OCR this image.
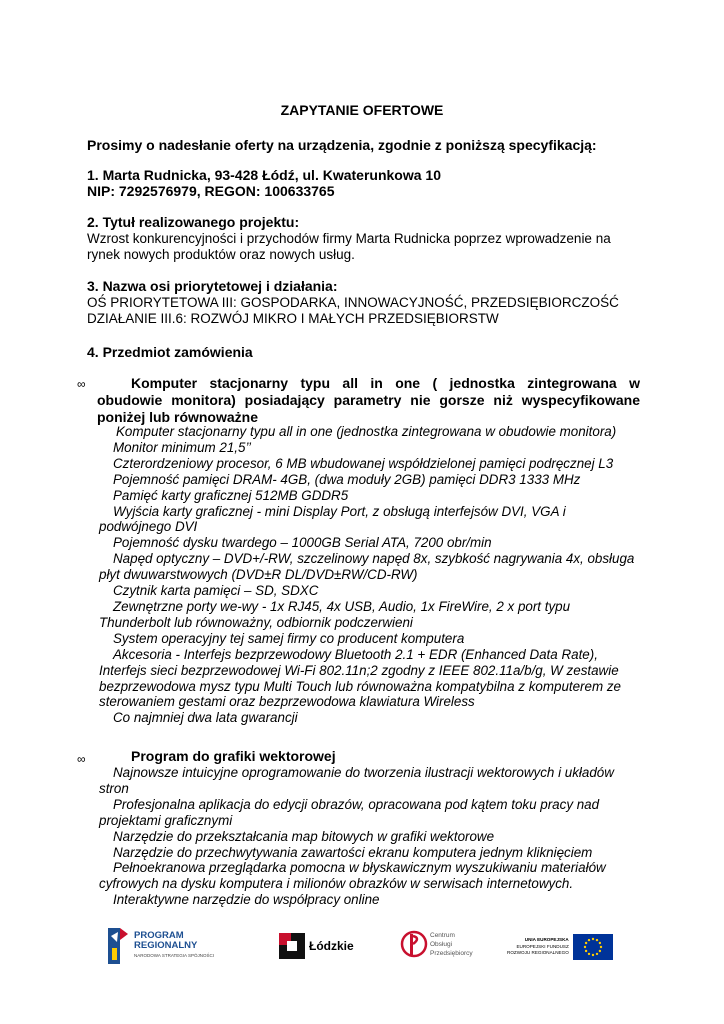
ZAPYTANIE OFERTOWE
Prosimy o nadesłanie oferty na urządzenia, zgodnie z poniższą specyfikacją:
1. Marta Rudnicka, 93-428 Łódź, ul. Kwaterunkowa 10
NIP: 7292576979, REGON: 100633765
2. Tytuł realizowanego projektu:
Wzrost konkurencyjności i przychodów firmy Marta Rudnicka poprzez wprowadzenie na
rynek nowych produktów oraz nowych usług.
3. Nazwa osi priorytetowej i działania:
OŚ PRIORYTETOWA III: GOSPODARKA, INNOWACYJNOŚĆ, PRZEDSIĘBIORCZOŚĆ
DZIAŁANIE III.6: ROZWÓJ MIKRO I MAŁYCH PRZEDSIĘBIORSTW
4. Przedmiot zamówienia
∞	Komputer stacjonarny typu all in one ( jednostka zintegrowana w
obudowie monitora) posiadający parametry nie gorsze niż wyspecyfikowane
poniżej lub równoważne

Komputer stacjonarny typu all in one (jednostka zintegrowana w obudowie monitora)

Monitor minimum 21,5’’

Czterordzeniowy procesor, 6 MB wbudowanej współdzielonej pamięci podręcznej L3

Pojemność pamięci DRAM- 4GB, (dwa moduły 2GB) pamięci DDR3 1333 MHz

Pamięć karty graficznej 512MB GDDR5

Wyjścia karty graficznej - mini Display Port, z obsługą interfejsów DVI, VGA i

podwójnego DVI

Pojemność dysku twardego – 1000GB Serial ATA, 7200 obr/min

Napęd optyczny – DVD+/-RW, szczelinowy napęd 8x, szybkość nagrywania 4x, obsługa

płyt dwuwarstwowych (DVD±R DL/DVD±RW/CD-RW)

Czytnik karta pamięci – SD, SDXC

Zewnętrzne porty we-wy - 1x RJ45, 4x USB, Audio, 1x FireWire, 2 x port typu

Thunderbolt lub równoważny, odbiornik podczerwieni

System operacyjny tej samej firmy co producent komputera

Akcesoria - Interfejs bezprzewodowy Bluetooth 2.1 + EDR (Enhanced Data Rate),

Interfejs sieci bezprzewodowej Wi-Fi 802.11n;2 zgodny z IEEE 802.11a/b/g, W zestawie

bezprzewodowa mysz typu Multi Touch lub równoważna kompatybilna z komputerem ze

sterowaniem gestami oraz bezprzewodowa klawiatura Wireless

Co najmniej dwa lata gwarancji

∞	Program do grafiki wektorowej

Najnowsze intuicyjne oprogramowanie do tworzenia ilustracji wektorowych i układów

stron

Profesjonalna aplikacja do edycji obrazów, opracowana pod kątem toku pracy nad

projektami graficznymi

Narzędzie do przekształcania map bitowych w grafiki wektorowe

Narzędzie do przechwytywania zawartości ekranu komputera jednym kliknięciem

Pełnoekranowa przeglądarka pomocna w błyskawicznym wyszukiwaniu materiałów

cyfrowych na dysku komputera i milionów obrazków w serwisach internetowych.

Interaktywne narzędzie do współpracy online

PROGRAM
REGIONALNY
NARODOWA STRATEGIA SPÓJNOŚCI
Łódzkie
Centrum
Obsługi
Przedsiębiorcy
UNIA EUROPEJSKA
EUROPEJSKI FUNDUSZ
ROZWOJU REGIONALNEGO
